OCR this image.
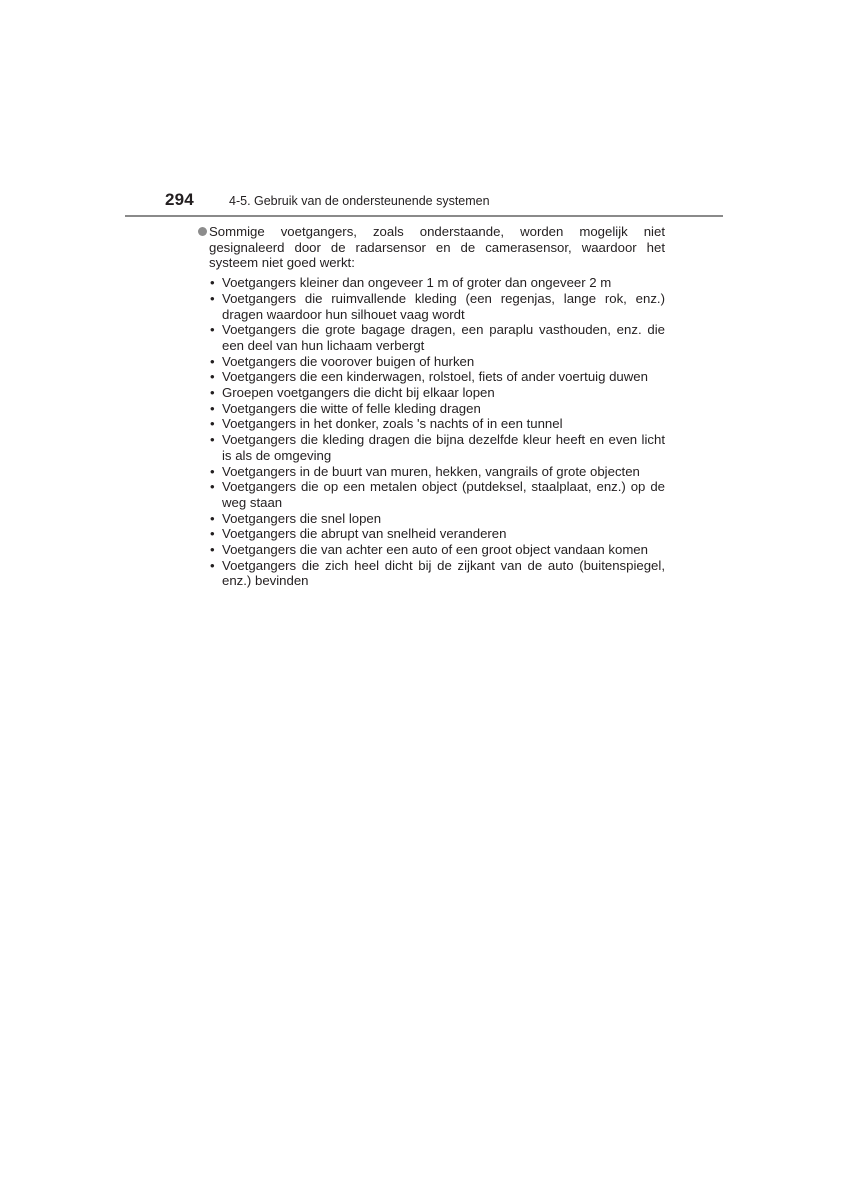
294	4-5. Gebruik van de ondersteunende systemen

Sommige voetgangers, zoals onderstaande, worden mogelijk niet gesignaleerd door de radarsensor en de camerasensor, waardoor het systeem niet goed werkt:

• Voetgangers kleiner dan ongeveer 1 m of groter dan ongeveer 2 m
• Voetgangers die ruimvallende kleding (een regenjas, lange rok, enz.) dragen waardoor hun silhouet vaag wordt
• Voetgangers die grote bagage dragen, een paraplu vasthouden, enz. die een deel van hun lichaam verbergt
• Voetgangers die voorover buigen of hurken
• Voetgangers die een kinderwagen, rolstoel, fiets of ander voertuig duwen
• Groepen voetgangers die dicht bij elkaar lopen
• Voetgangers die witte of felle kleding dragen
• Voetgangers in het donker, zoals 's nachts of in een tunnel
• Voetgangers die kleding dragen die bijna dezelfde kleur heeft en even licht is als de omgeving
• Voetgangers in de buurt van muren, hekken, vangrails of grote objecten
• Voetgangers die op een metalen object (putdeksel, staalplaat, enz.) op de weg staan
• Voetgangers die snel lopen
• Voetgangers die abrupt van snelheid veranderen
• Voetgangers die van achter een auto of een groot object vandaan komen
• Voetgangers die zich heel dicht bij de zijkant van de auto (buitenspiegel, enz.) bevinden
